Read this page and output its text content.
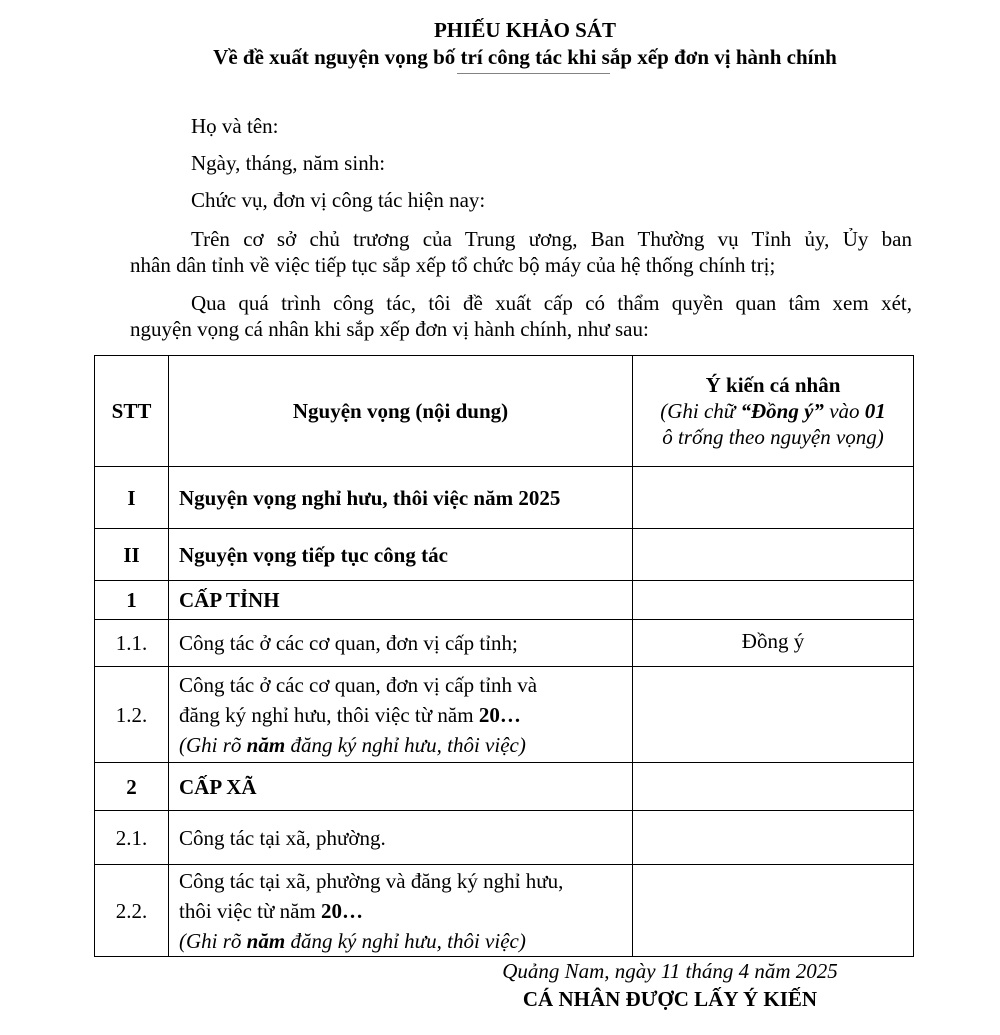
PHIẾU KHẢO SÁT
Về đề xuất nguyện vọng bố trí công tác khi sắp xếp đơn vị hành chính
Họ và tên:
Ngày, tháng, năm sinh:
Chức vụ, đơn vị công tác hiện nay:
Trên cơ sở chủ trương của Trung ương, Ban Thường vụ Tỉnh ủy, Ủy ban
nhân dân tỉnh về việc tiếp tục sắp xếp tổ chức bộ máy của hệ thống chính trị;
Qua quá trình công tác, tôi đề xuất cấp có thẩm quyền quan tâm xem xét,
nguyện vọng cá nhân khi sắp xếp đơn vị hành chính, như sau:
STT	Nguyện vọng (nội dung)	Ý kiến cá nhân
(Ghi chữ “Đồng ý” vào 01
ô trống theo nguyện vọng)

I	Nguyện vọng nghỉ hưu, thôi việc năm 2025	
II	Nguyện vọng tiếp tục công tác	
1	CẤP TỈNH	
1.1.	Công tác ở các cơ quan, đơn vị cấp tỉnh;	Đồng ý
1.2.	Công tác ở các cơ quan, đơn vị cấp tỉnh và
đăng ký nghỉ hưu, thôi việc từ năm 20…
(Ghi rõ năm đăng ký nghỉ hưu, thôi việc)	
2	CẤP XÃ	
2.1.	Công tác tại xã, phường.	
2.2.	Công tác tại xã, phường và đăng ký nghỉ hưu,
thôi việc từ năm 20…
(Ghi rõ năm đăng ký nghỉ hưu, thôi việc)	
Quảng Nam, ngày 11 tháng 4 năm 2025
CÁ NHÂN ĐƯỢC LẤY Ý KIẾN
